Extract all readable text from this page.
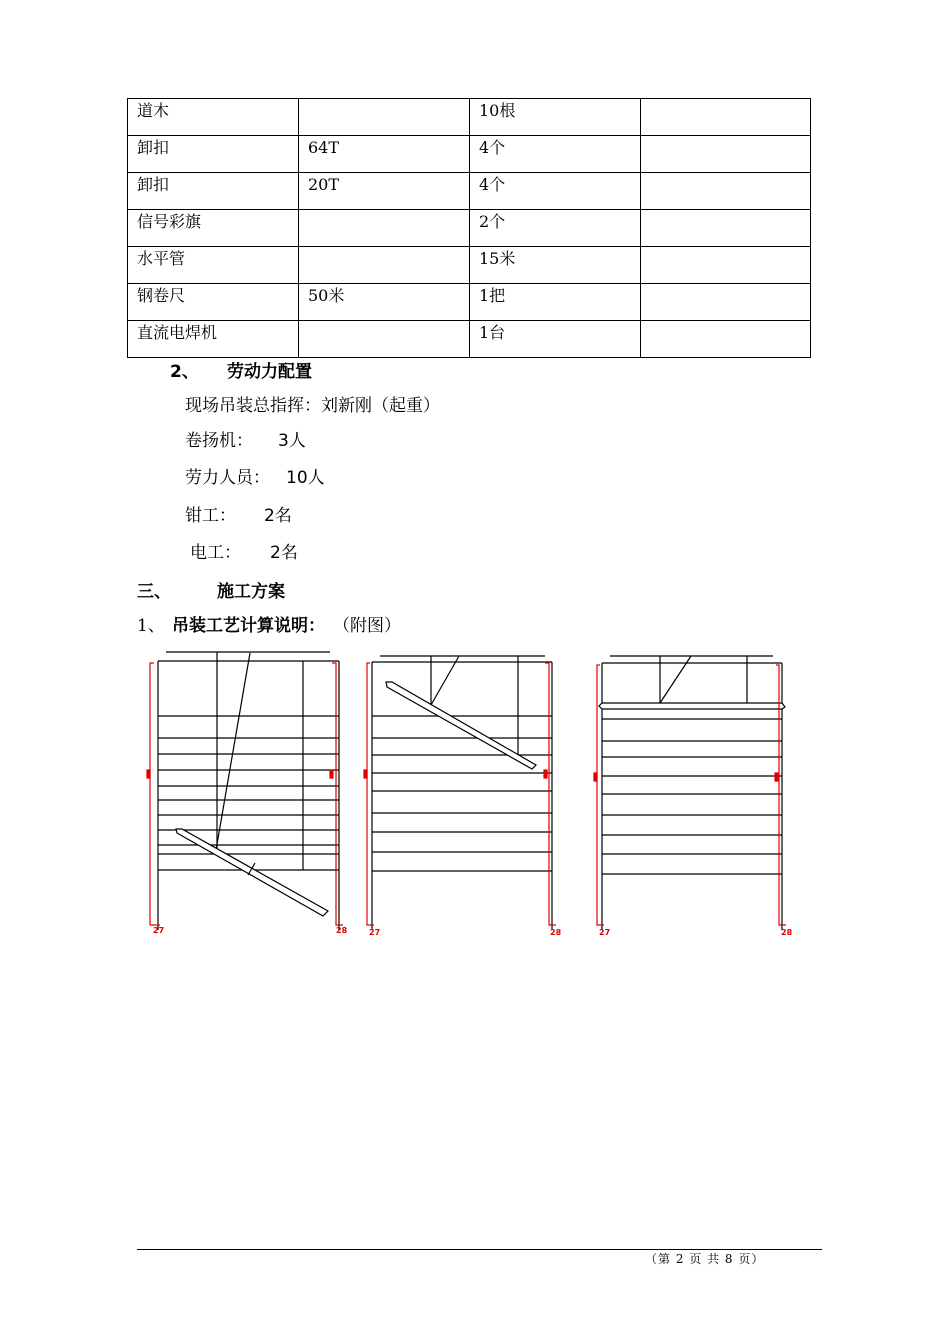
道木		10根	
卸扣	64T	4个	
卸扣	20T	4个	
信号彩旗		2个	
水平管		15米	
钢卷尺	50米	1把	
直流电焊机		1台	
2、 劳动力配置
现场吊装总指挥：刘新刚（起重）
卷扬机： 3人
劳力人员： 10人
钳工： 2名
电工： 2名
三、	施工方案
1、 吊装工艺计算说明： （附图）
27	28	27	28	27	28
（第 2 页 共 8 页）
